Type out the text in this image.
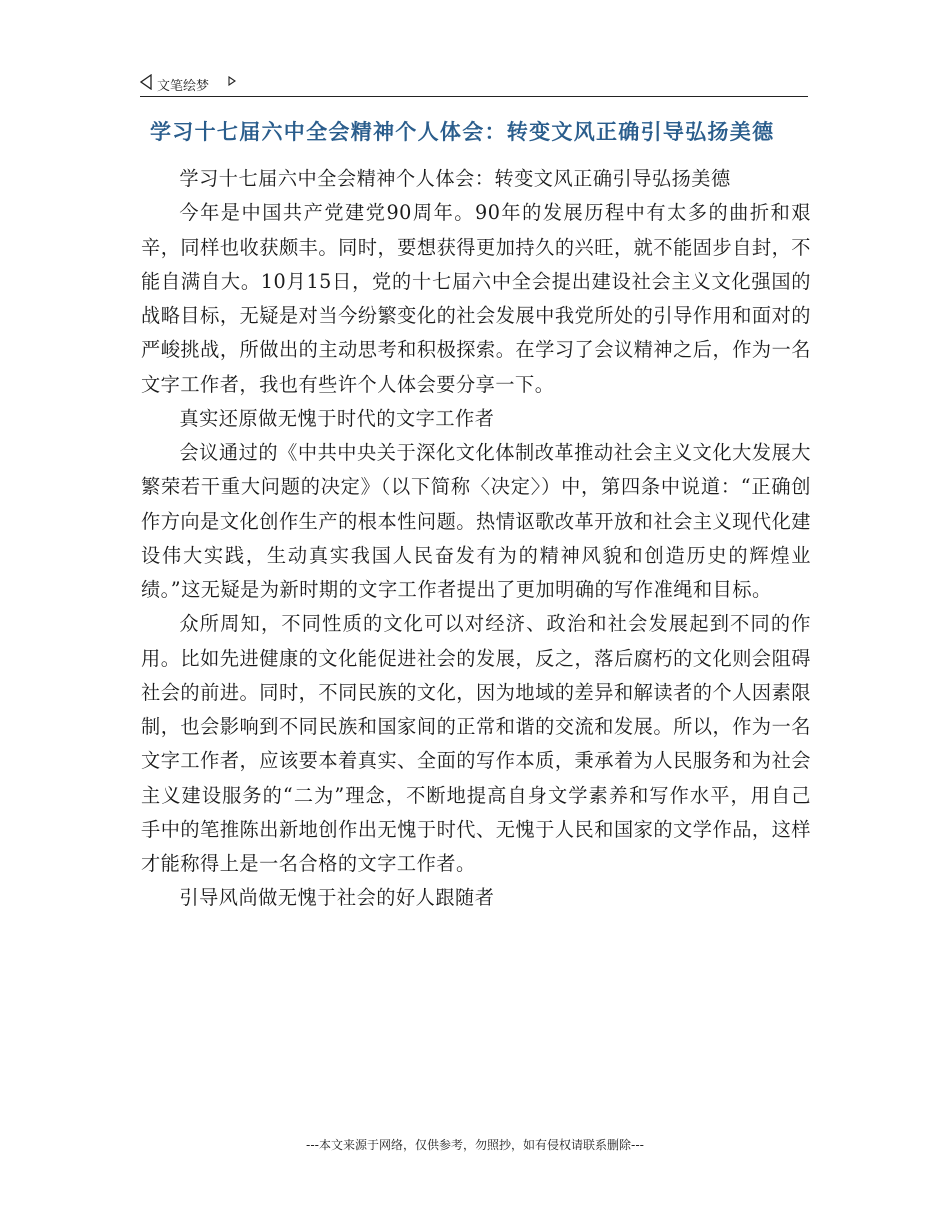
文笔绘梦
学习十七届六中全会精神个人体会：转变文风正确引导弘扬美德

学习十七届六中全会精神个人体会：转变文风正确引导弘扬美德

今年是中国共产党建党90周年。90年的发展历程中有太多的曲折和艰辛，同样也收获颇丰。同时，要想获得更加持久的兴旺，就不能固步自封，不能自满自大。10月15日，党的十七届六中全会提出建设社会主义文化强国的战略目标，无疑是对当今纷繁变化的社会发展中我党所处的引导作用和面对的严峻挑战，所做出的主动思考和积极探索。在学习了会议精神之后，作为一名文字工作者，我也有些许个人体会要分享一下。

真实还原做无愧于时代的文字工作者

会议通过的《中共中央关于深化文化体制改革推动社会主义文化大发展大繁荣若干重大问题的决定》（以下简称〈决定〉）中，第四条中说道：“正确创作方向是文化创作生产的根本性问题。热情讴歌改革开放和社会主义现代化建设伟大实践，生动真实我国人民奋发有为的精神风貌和创造历史的辉煌业绩。”这无疑是为新时期的文字工作者提出了更加明确的写作准绳和目标。

众所周知，不同性质的文化可以对经济、政治和社会发展起到不同的作用。比如先进健康的文化能促进社会的发展，反之，落后腐朽的文化则会阻碍社会的前进。同时，不同民族的文化，因为地域的差异和解读者的个人因素限制，也会影响到不同民族和国家间的正常和谐的交流和发展。所以，作为一名文字工作者，应该要本着真实、全面的写作本质，秉承着为人民服务和为社会主义建设服务的“二为”理念，不断地提高自身文学素养和写作水平，用自己手中的笔推陈出新地创作出无愧于时代、无愧于人民和国家的文学作品，这样才能称得上是一名合格的文字工作者。

引导风尚做无愧于社会的好人跟随者

---本文来源于网络，仅供参考，勿照抄，如有侵权请联系删除---
